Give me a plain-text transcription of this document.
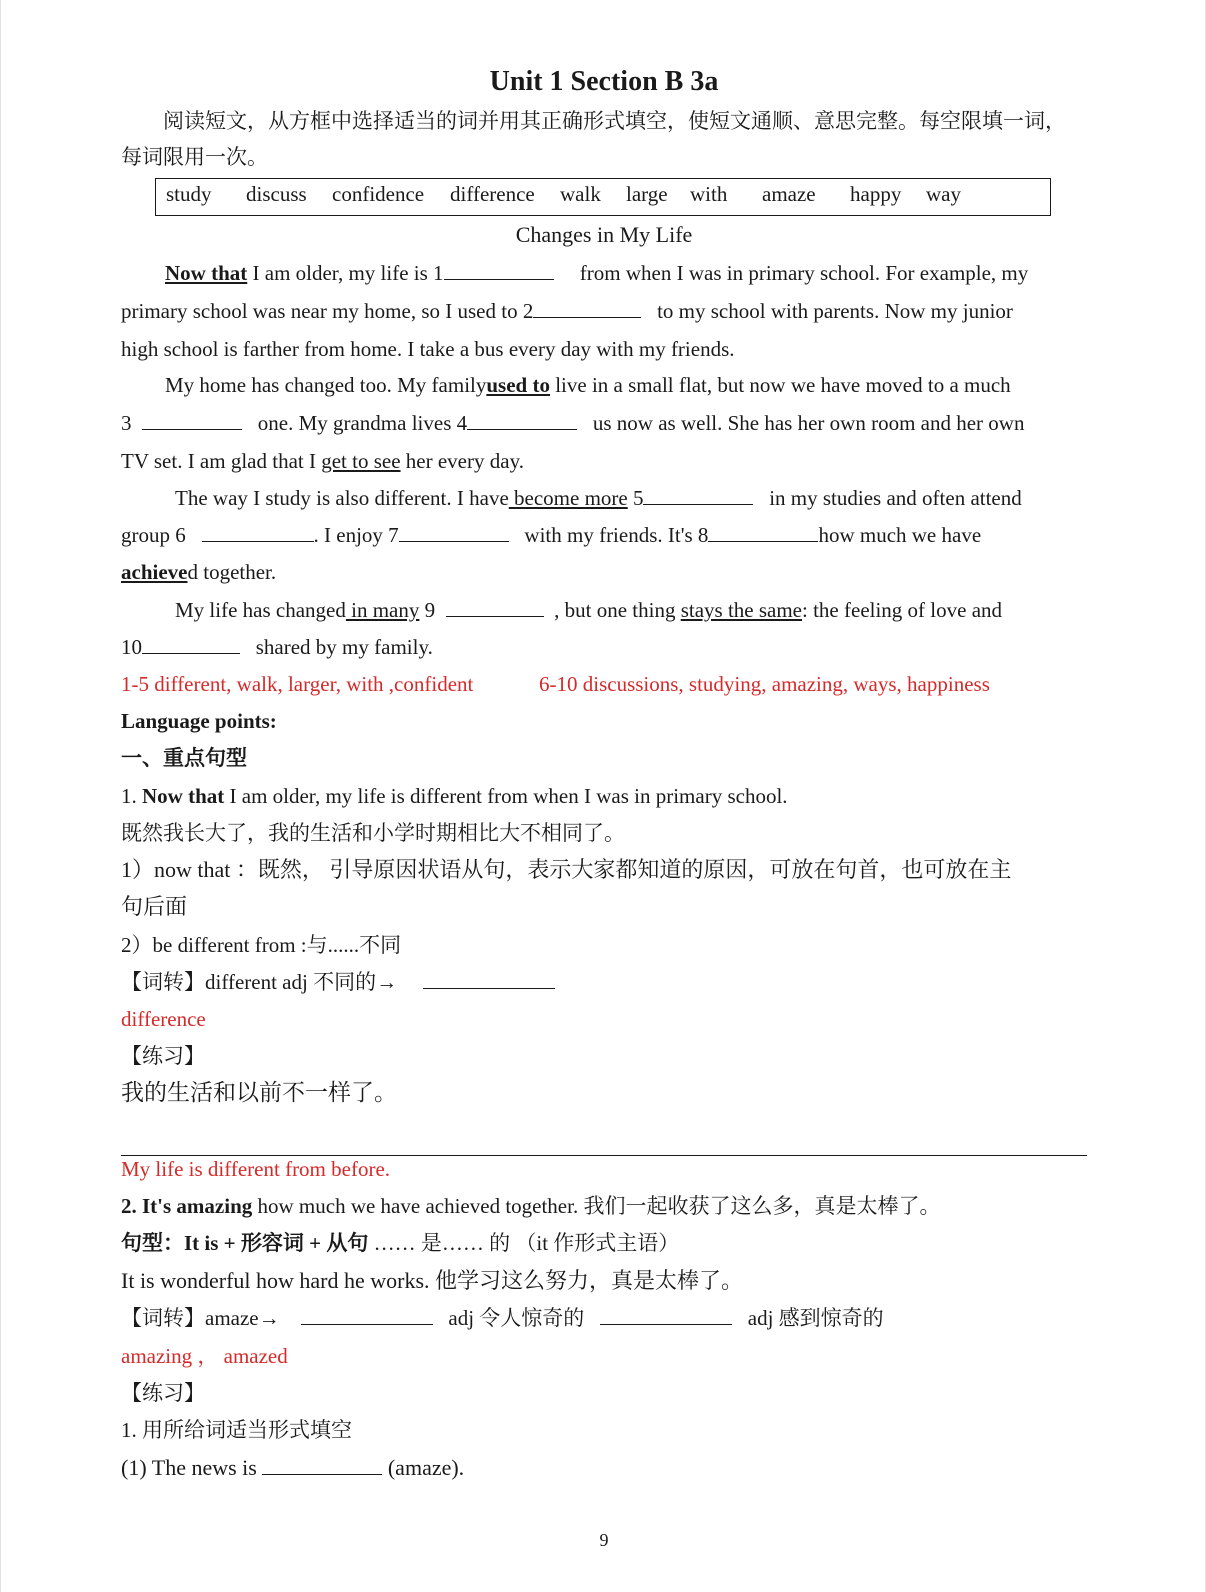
Unit 1 Section B 3a
阅读短文，从方框中选择适当的词并用其正确形式填空，使短文通顺、意思完整。每空限填一词，
每词限用一次。
study discuss confidence difference walk large with amaze happy way
Changes in My Life
Now that I am older, my life is 1	from when I was in primary school. For example, my
primary school was near my home, so I used to 2	to my school with parents. Now my junior
high school is farther from home. I take a bus every day with my friends.
My home has changed too. My familyused to live in a small flat, but now we have moved to a much
3	one. My grandma lives 4	us now as well. She has her own room and her own
TV set. I am glad that I get to see her every day.
The way I study is also different. I have become more 5	in my studies and often attend
group 6	. I enjoy 7	with my friends. It's 8	how much we have
achieved together.
My life has changed in many 9	, but one thing stays the same: the feeling of love and
10	shared by my family.
1-5 different, walk, larger, with ,confident	6-10 discussions, studying, amazing, ways, happiness
Language points:
一、重点句型
1. Now that I am older, my life is different from when I was in primary school.
既然我长大了，我的生活和小学时期相比大不相同了。
1）now that ：既然， 引导原因状语从句，表示大家都知道的原因，可放在句首，也可放在主
句后面
2）be different from :与......不同
【词转】different adj 不同的→
difference
【练习】
我的生活和以前不一样了。
My life is different from before.
2. It's amazing how much we have achieved together. 我们一起收获了这么多，真是太棒了。
句型：It is + 形容词 + 从句 …… 是…… 的 （it 作形式主语）
It is wonderful how hard he works. 他学习这么努力，真是太棒了。
【词转】amaze→	adj 令人惊奇的	adj 感到惊奇的
amazing ， amazed
【练习】
1. 用所给词适当形式填空
(1) The news is	(amaze).
9
